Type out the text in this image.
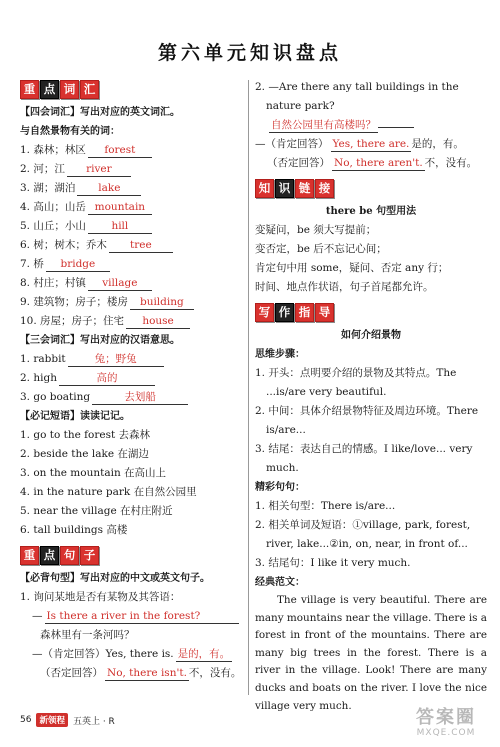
第六单元知识盘点
重 点 词 汇
【四会词汇】写出对应的英文词汇。
与自然景物有关的词：
1. 森林；林区 forest
2. 河；江 river
3. 湖；湖泊 lake
4. 高山；山岳 mountain
5. 山丘；小山 hill
6. 树；树木；乔木 tree
7. 桥 bridge
8. 村庄；村镇 village
9. 建筑物；房子；楼房 building
10. 房屋；房子；住宅 house
【三会词汇】写出对应的汉语意思。
1. rabbit	兔；野兔
2. high	高的
3. go boating	去划船
【必记短语】读读记记。
1. go to the forest 去森林
2. beside the lake 在湖边
3. on the mountain 在高山上
4. in the nature park 在自然公园里
5. near the village 在村庄附近
6. tall buildings 高楼
重 点 句 子
【必背句型】写出对应的中文或英文句子。
1. 询问某地是否有某物及其答语：
— Is there a river in the forest?
森林里有一条河吗？
—（肯定回答）Yes, there is. 是的，有。
（否定回答） No, there isn't. 不，没有。
2. —Are there any tall buildings in the nature park?
自然公园里有高楼吗？
—（肯定回答） Yes, there are. 是的，有。
（否定回答） No, there aren't. 不，没有。
知 识 链 接
there be 句型用法
变疑问，be 须大写提前；
变否定，be 后不忘记心间；
肯定句中用 some，疑问、否定 any 行；
时间、地点作状语，句子首尾都允许。
写 作 指 导
如何介绍景物
思维步骤：
1. 开头：点明要介绍的景物及其特点。The ...is/are very beautiful.
2. 中间：具体介绍景物特征及周边环境。There is/are...
3. 结尾：表达自己的情感。I like/love... very much.
精彩句句：
1. 相关句型：There is/are...
2. 相关单词及短语：①village, park, forest, river, lake...②in, on, near, in front of...
3. 结尾句：I like it very much.
经典范文：
The village is very beautiful. There are many mountains near the village. There is a forest in front of the mountains. There are many big trees in the forest. There is a river in the village. Look! There are many ducks and boats on the river. I love the nice village very much.
56 新领程 五英上 · R	答案圈
MXQE.COM
